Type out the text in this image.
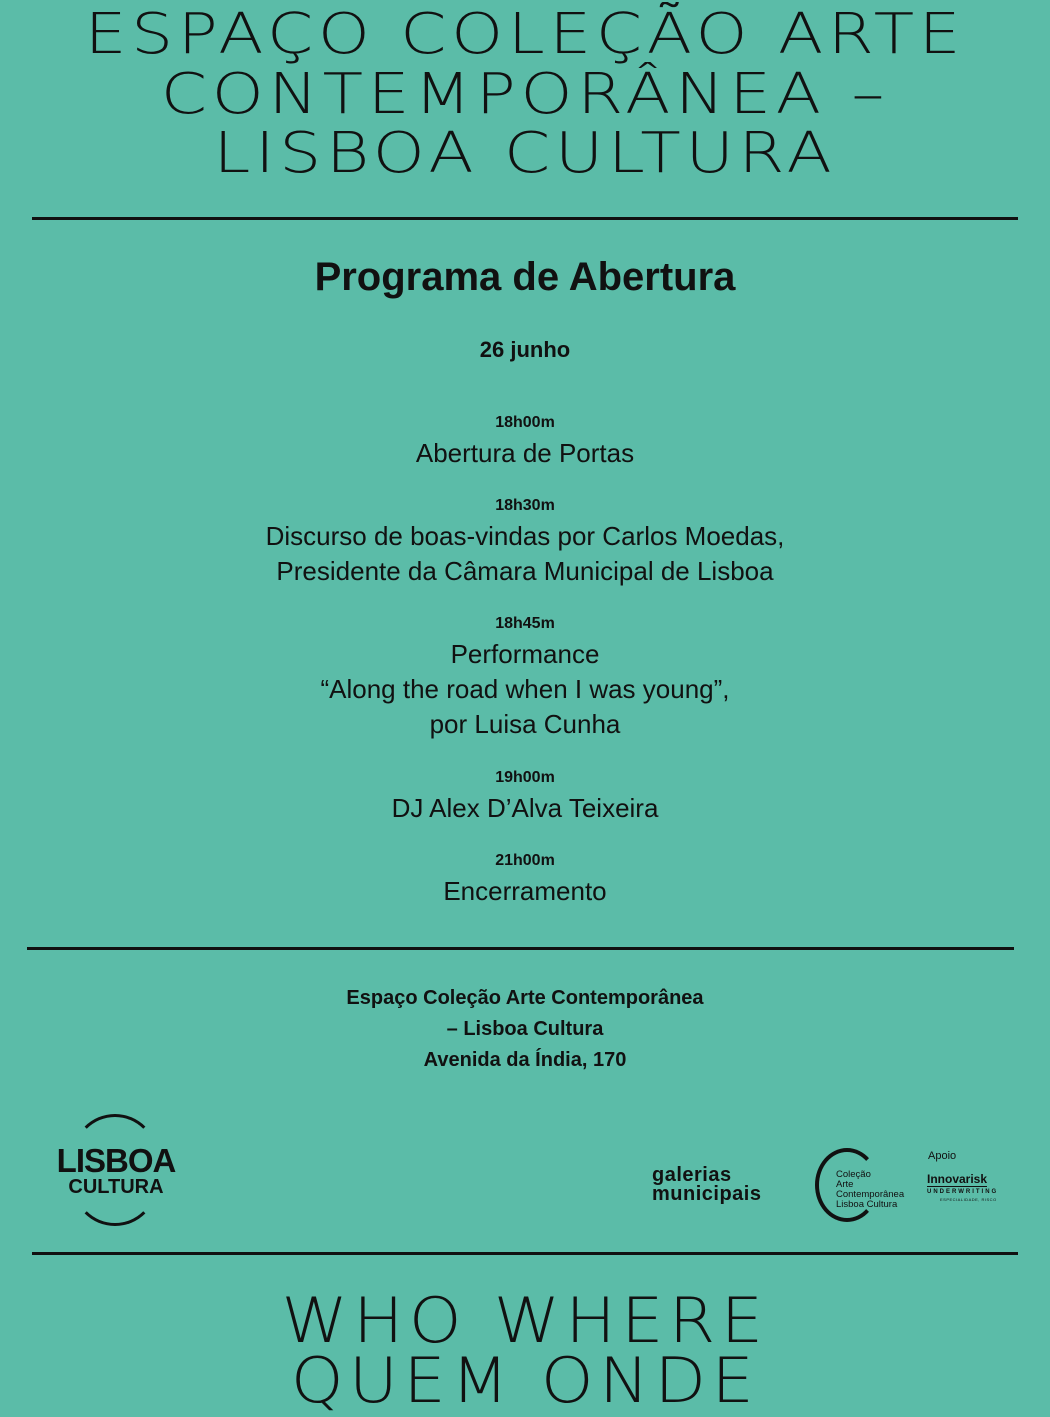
ESPAÇO COLEÇÃO ARTE
CONTEMPORÂNEA –
LISBOA CULTURA
Programa de Abertura
26 junho
18h00m
Abertura de Portas
18h30m
Discurso de boas-vindas por Carlos Moedas,
Presidente da Câmara Municipal de Lisboa
18h45m
Performance
“Along the road when I was young”,
por Luisa Cunha
19h00m
DJ Alex D’Alva Teixeira
21h00m
Encerramento
Espaço Coleção Arte Contemporânea
– Lisboa Cultura
Avenida da Índia, 170
LISBOA
CULTURA
galerias
municipais
Coleção
Arte
Contemporânea
Lisboa Cultura
Apoio
Innovarisk
UNDERWRITING
ESPECIALIDADE, RISCO
WHO WHERE
QUEM ONDE
